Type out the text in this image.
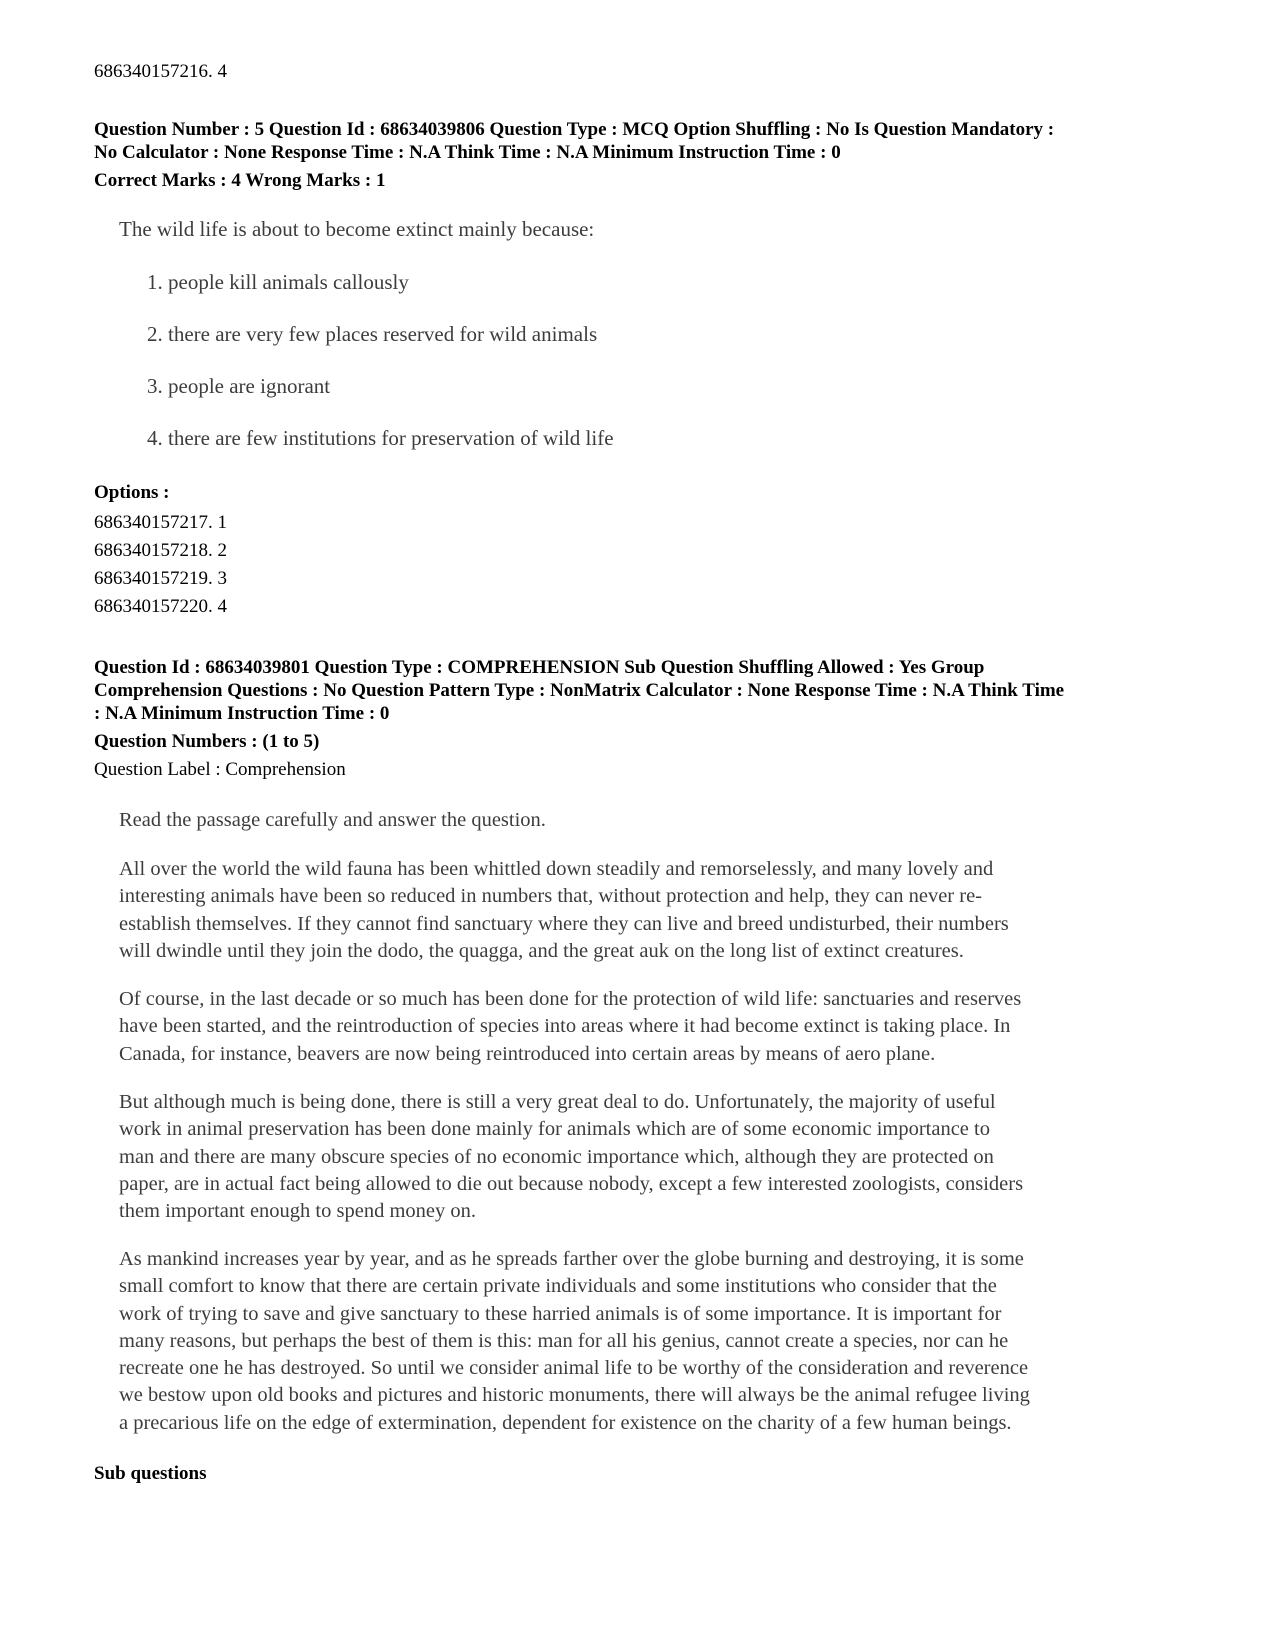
686340157216. 4
Question Number : 5 Question Id : 68634039806 Question Type : MCQ Option Shuffling : No Is Question Mandatory :
No Calculator : None Response Time : N.A Think Time : N.A Minimum Instruction Time : 0
Correct Marks : 4 Wrong Marks : 1
The wild life is about to become extinct mainly because:
1. people kill animals callously
2. there are very few places reserved for wild animals
3. people are ignorant
4. there are few institutions for preservation of wild life
Options :
686340157217. 1
686340157218. 2
686340157219. 3
686340157220. 4
Question Id : 68634039801 Question Type : COMPREHENSION Sub Question Shuffling Allowed : Yes Group
Comprehension Questions : No Question Pattern Type : NonMatrix Calculator : None Response Time : N.A Think Time
: N.A Minimum Instruction Time : 0
Question Numbers : (1 to 5)
Question Label : Comprehension
Read the passage carefully and answer the question.
All over the world the wild fauna has been whittled down steadily and remorselessly, and many lovely and
interesting animals have been so reduced in numbers that, without protection and help, they can never re-
establish themselves. If they cannot find sanctuary where they can live and breed undisturbed, their numbers
will dwindle until they join the dodo, the quagga, and the great auk on the long list of extinct creatures.
Of course, in the last decade or so much has been done for the protection of wild life: sanctuaries and reserves
have been started, and the reintroduction of species into areas where it had become extinct is taking place. In
Canada, for instance, beavers are now being reintroduced into certain areas by means of aero plane.
But although much is being done, there is still a very great deal to do. Unfortunately, the majority of useful
work in animal preservation has been done mainly for animals which are of some economic importance to
man and there are many obscure species of no economic importance which, although they are protected on
paper, are in actual fact being allowed to die out because nobody, except a few interested zoologists, considers
them important enough to spend money on.
As mankind increases year by year, and as he spreads farther over the globe burning and destroying, it is some
small comfort to know that there are certain private individuals and some institutions who consider that the
work of trying to save and give sanctuary to these harried animals is of some importance. It is important for
many reasons, but perhaps the best of them is this: man for all his genius, cannot create a species, nor can he
recreate one he has destroyed. So until we consider animal life to be worthy of the consideration and reverence
we bestow upon old books and pictures and historic monuments, there will always be the animal refugee living
a precarious life on the edge of extermination, dependent for existence on the charity of a few human beings.
Sub questions
